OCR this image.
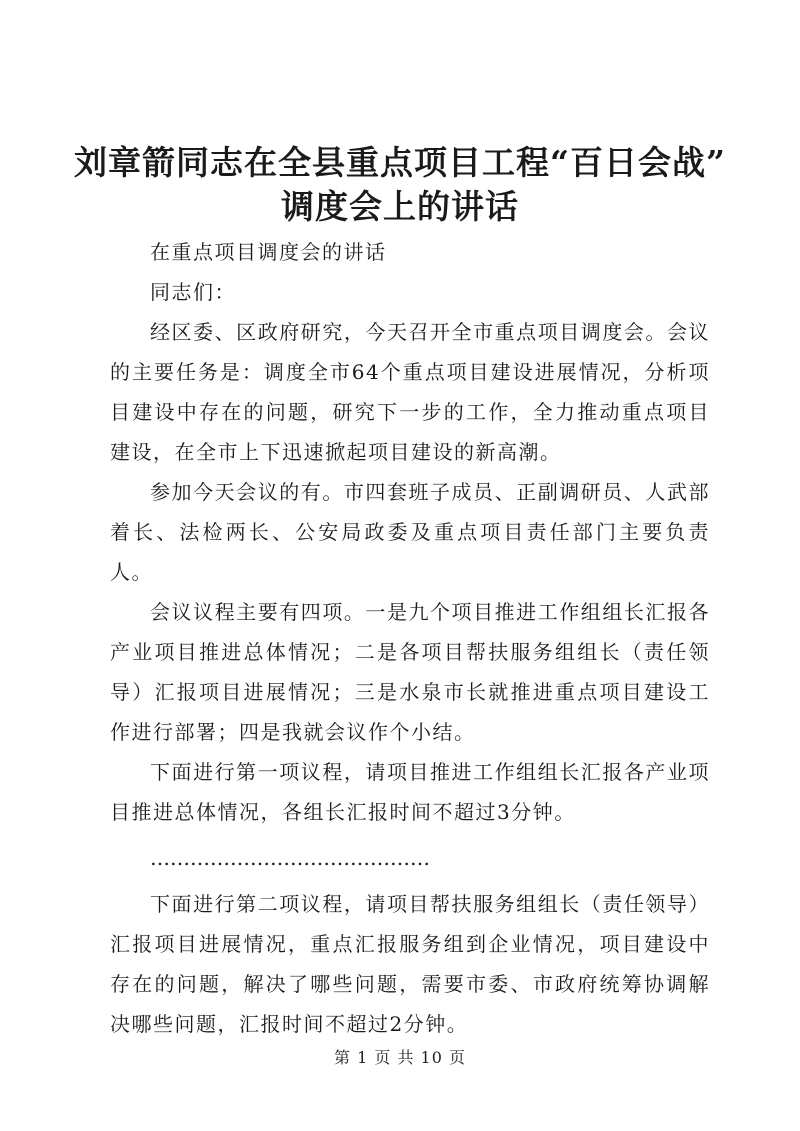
刘章箭同志在全县重点项目工程“百日会战”
调度会上的讲话

在重点项目调度会的讲话

同志们：

经区委、区政府研究，今天召开全市重点项目调度会。会议的主要任务是：调度全市64个重点项目建设进展情况，分析项目建设中存在的问题，研究下一步的工作，全力推动重点项目建设，在全市上下迅速掀起项目建设的新高潮。

参加今天会议的有。市四套班子成员、正副调研员、人武部着长、法检两长、公安局政委及重点项目责任部门主要负责人。

会议议程主要有四项。一是九个项目推进工作组组长汇报各产业项目推进总体情况；二是各项目帮扶服务组组长（责任领导）汇报项目进展情况；三是水泉市长就推进重点项目建设工作进行部署；四是我就会议作个小结。

下面进行第一项议程，请项目推进工作组组长汇报各产业项目推进总体情况，各组长汇报时间不超过3分钟。

……………………………………

下面进行第二项议程，请项目帮扶服务组组长（责任领导）汇报项目进展情况，重点汇报服务组到企业情况，项目建设中存在的问题，解决了哪些问题，需要市委、市政府统筹协调解决哪些问题，汇报时间不超过2分钟。

第 1 页 共 10 页
